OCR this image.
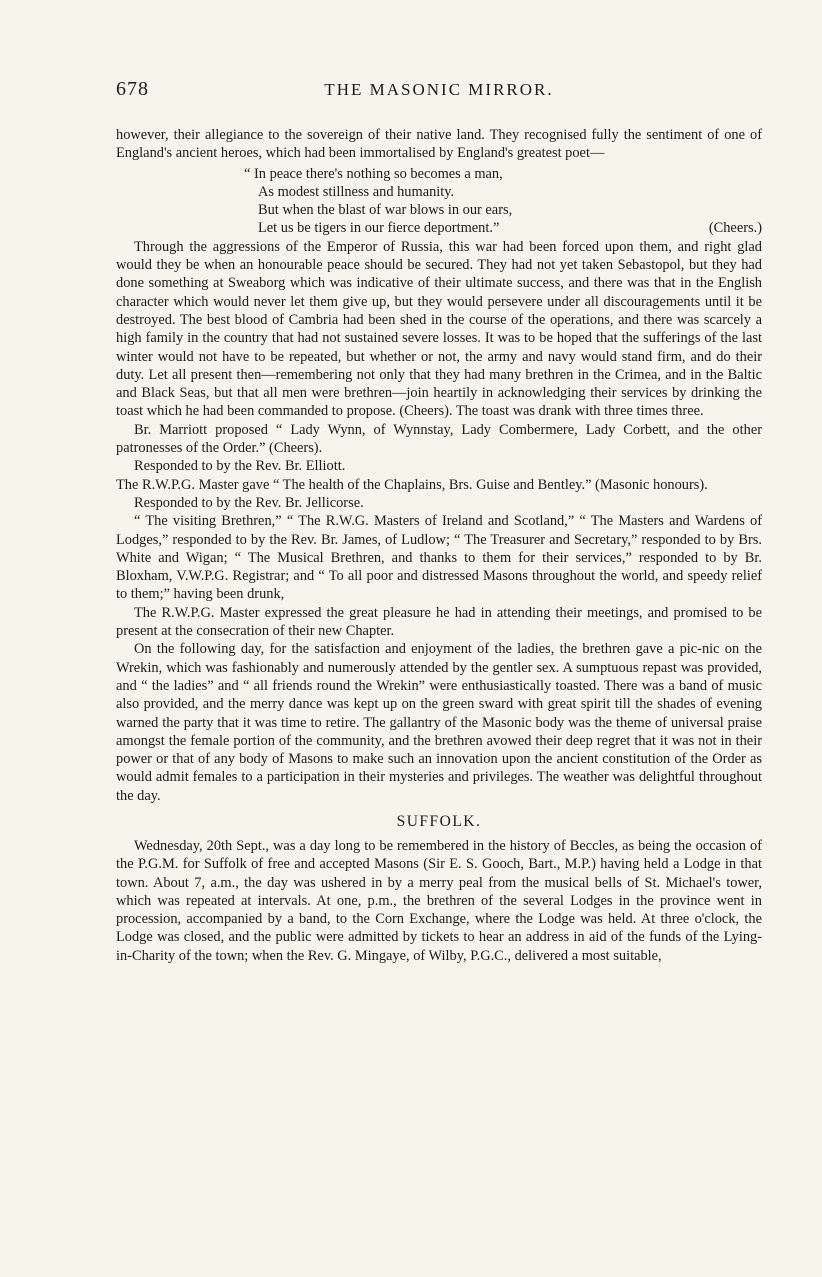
678	THE MASONIC MIRROR.

however, their allegiance to the sovereign of their native land. They recognised fully the sentiment of one of England's ancient heroes, which had been immortalised by England's greatest poet—

“ In peace there's nothing so becomes a man,
As modest stillness and humanity.
But when the blast of war blows in our ears,
Let us be tigers in our fierce deportment.”	(Cheers.)

Through the aggressions of the Emperor of Russia, this war had been forced upon them, and right glad would they be when an honourable peace should be secured. They had not yet taken Sebastopol, but they had done something at Sweaborg which was indicative of their ultimate success, and there was that in the English character which would never let them give up, but they would persevere under all discouragements until it be destroyed. The best blood of Cambria had been shed in the course of the operations, and there was scarcely a high family in the country that had not sustained severe losses. It was to be hoped that the sufferings of the last winter would not have to be repeated, but whether or not, the army and navy would stand firm, and do their duty. Let all present then—remembering not only that they had many brethren in the Crimea, and in the Baltic and Black Seas, but that all men were brethren—join heartily in acknowledging their services by drinking the toast which he had been commanded to propose. (Cheers). The toast was drank with three times three.

Br. Marriott proposed “ Lady Wynn, of Wynnstay, Lady Combermere, Lady Corbett, and the other patronesses of the Order.” (Cheers).

Responded to by the Rev. Br. Elliott.

The R.W.P.G. Master gave “ The health of the Chaplains, Brs. Guise and Bentley.” (Masonic honours).

Responded to by the Rev. Br. Jellicorse.

“ The visiting Brethren,” “ The R.W.G. Masters of Ireland and Scotland,” “ The Masters and Wardens of Lodges,” responded to by the Rev. Br. James, of Ludlow; “ The Treasurer and Secretary,” responded to by Brs. White and Wigan; “ The Musical Brethren, and thanks to them for their services,” responded to by Br. Bloxham, V.W.P.G. Registrar; and “ To all poor and distressed Masons throughout the world, and speedy relief to them;” having been drunk,

The R.W.P.G. Master expressed the great pleasure he had in attending their meetings, and promised to be present at the consecration of their new Chapter.

On the following day, for the satisfaction and enjoyment of the ladies, the brethren gave a pic-nic on the Wrekin, which was fashionably and numerously attended by the gentler sex. A sumptuous repast was provided, and “ the ladies” and “ all friends round the Wrekin” were enthusiastically toasted. There was a band of music also provided, and the merry dance was kept up on the green sward with great spirit till the shades of evening warned the party that it was time to retire. The gallantry of the Masonic body was the theme of universal praise amongst the female portion of the community, and the brethren avowed their deep regret that it was not in their power or that of any body of Masons to make such an innovation upon the ancient constitution of the Order as would admit females to a participation in their mysteries and privileges. The weather was delightful throughout the day.

SUFFOLK.

Wednesday, 20th Sept., was a day long to be remembered in the history of Beccles, as being the occasion of the P.G.M. for Suffolk of free and accepted Masons (Sir E. S. Gooch, Bart., M.P.) having held a Lodge in that town. About 7, a.m., the day was ushered in by a merry peal from the musical bells of St. Michael's tower, which was repeated at intervals. At one, p.m., the brethren of the several Lodges in the province went in procession, accompanied by a band, to the Corn Exchange, where the Lodge was held. At three o'clock, the Lodge was closed, and the public were admitted by tickets to hear an address in aid of the funds of the Lying-in-Charity of the town; when the Rev. G. Mingaye, of Wilby, P.G.C., delivered a most suitable,
